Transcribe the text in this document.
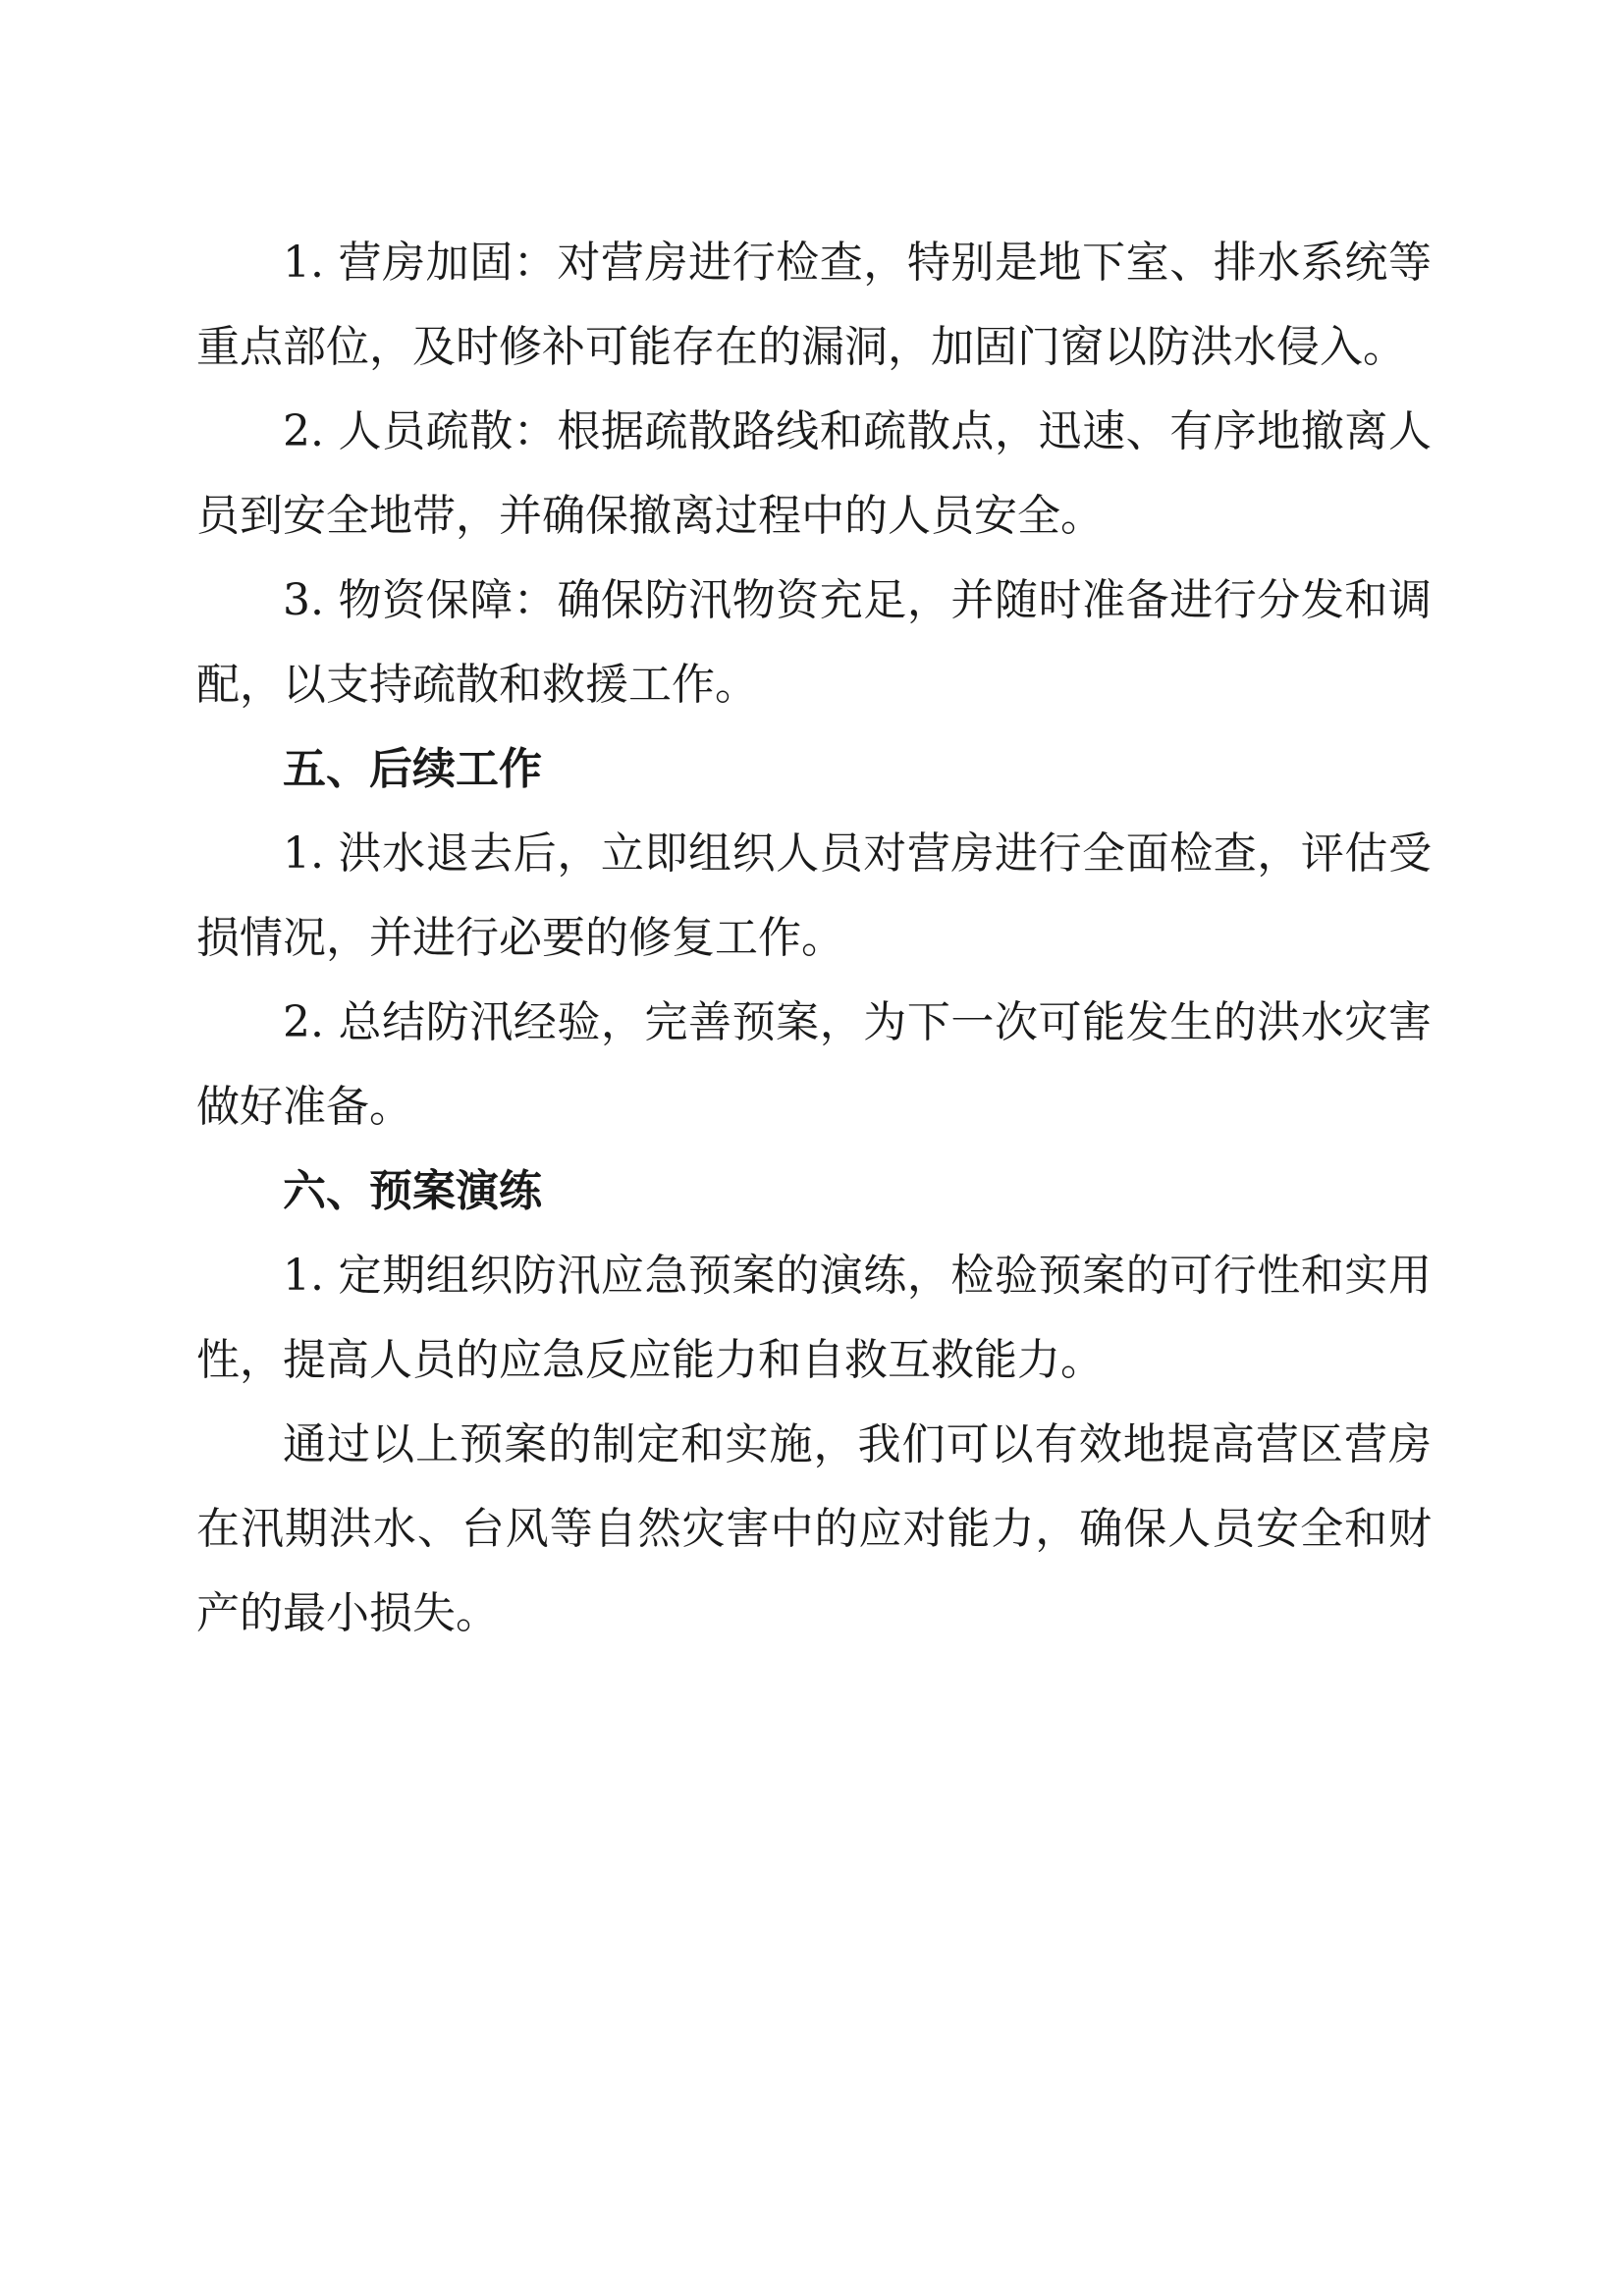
1. 营房加固：对营房进行检查，特别是地下室、排水系统等重点部位，及时修补可能存在的漏洞，加固门窗以防洪水侵入。

2. 人员疏散：根据疏散路线和疏散点，迅速、有序地撤离人员到安全地带，并确保撤离过程中的人员安全。

3. 物资保障：确保防汛物资充足，并随时准备进行分发和调配，以支持疏散和救援工作。

五、后续工作

1. 洪水退去后，立即组织人员对营房进行全面检查，评估受损情况，并进行必要的修复工作。

2. 总结防汛经验，完善预案，为下一次可能发生的洪水灾害做好准备。

六、预案演练

1. 定期组织防汛应急预案的演练，检验预案的可行性和实用性，提高人员的应急反应能力和自救互救能力。

通过以上预案的制定和实施，我们可以有效地提高营区营房在汛期洪水、台风等自然灾害中的应对能力，确保人员安全和财产的最小损失。
